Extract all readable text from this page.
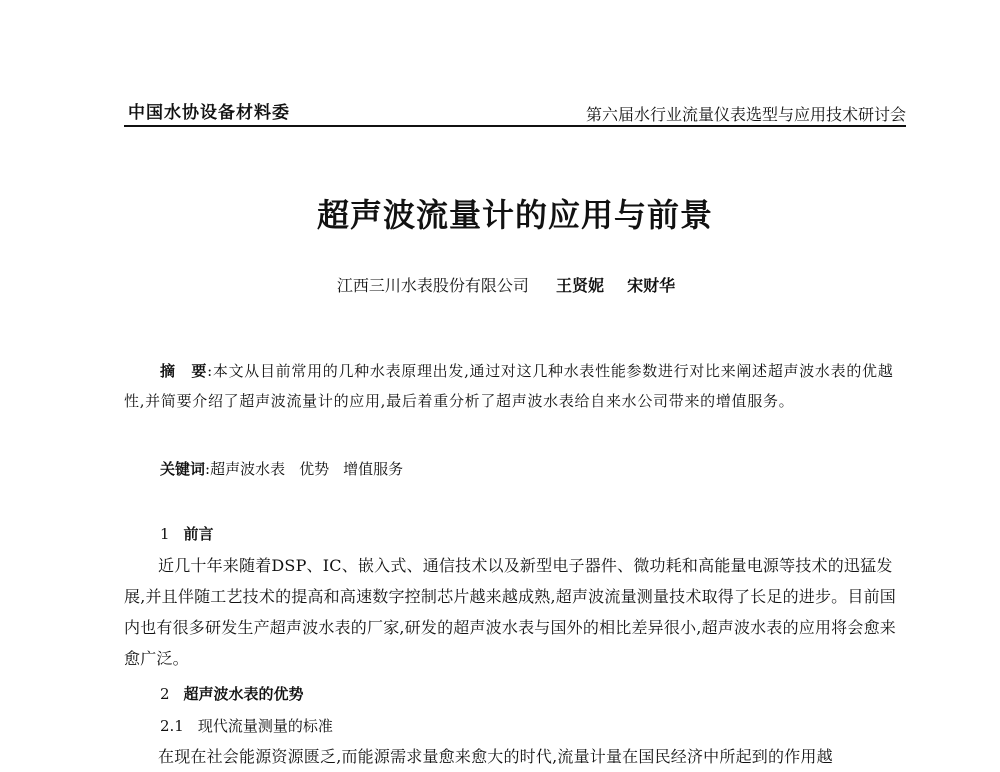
中国水协设备材料委	第六届水行业流量仪表选型与应用技术研讨会
超声波流量计的应用与前景
江西三川水表股份有限公司 王贤妮 宋财华
摘　要:本文从目前常用的几种水表原理出发,通过对这几种水表性能参数进行对比来阐述超声波水表的优越性,并简要介绍了超声波流量计的应用,最后着重分析了超声波水表给自来水公司带来的增值服务。
关键词:超声波水表 优势 增值服务
1 前言
近几十年来随着DSP、IC、嵌入式、通信技术以及新型电子器件、微功耗和高能量电源等技术的迅猛发展,并且伴随工艺技术的提高和高速数字控制芯片越来越成熟,超声波流量测量技术取得了长足的进步。目前国内也有很多研发生产超声波水表的厂家,研发的超声波水表与国外的相比差异很小,超声波水表的应用将会愈来愈广泛。
2 超声波水表的优势
2.1 现代流量测量的标准
在现在社会能源资源匮乏,而能源需求量愈来愈大的时代,流量计量在国民经济中所起到的作用越
